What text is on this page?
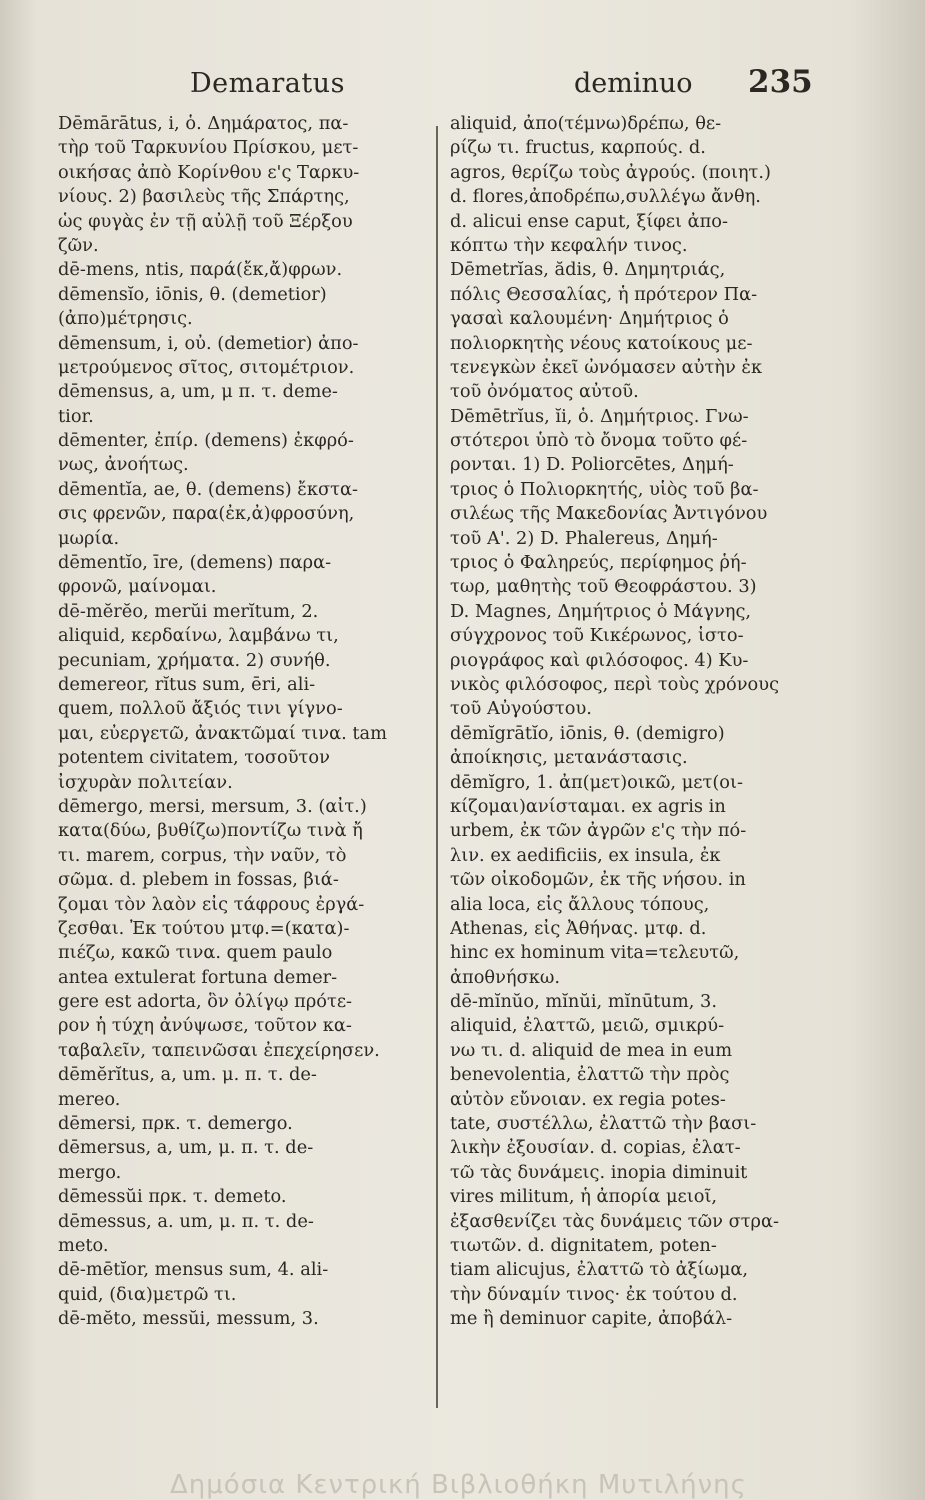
Demaratus	deminuo 235
Dēmārātus, i, ὁ. Δημάρατος, πα-
τὴρ τοῦ Ταρκυνίου Πρίσκου, μετ-
οικήσας ἀπὸ Κορίνθου ε'ς Ταρκυ-
νίους. 2) βασιλεὺς τῆς Σπάρτης,
ὡς φυγὰς ἐν τῇ αὐλῇ τοῦ Ξέρξου
ζῶν.
dē-mens, ntis, παρά(ἔκ,ἄ)φρων.
dēmensĭo, iōnis, θ. (demetior)
(ἀπο)μέτρησις.
dēmensum, i, οὐ. (demetior) ἀπο-
μετρούμενος σῖτος, σιτομέτριον.
dēmensus, a, um, μ π. τ. deme-
tior.
dēmenter, ἐπίρ. (demens) ἐκφρό-
νως, ἀνοήτως.
dēmentĭa, ae, θ. (demens) ἔκστα-
σις φρενῶν, παρα(ἐκ,ἀ)φροσύνη,
μωρία.
dēmentĭo, īre, (demens) παρα-
φρονῶ, μαίνομαι.
dē-mĕrĕo, merŭi merĭtum, 2.
aliquid, κερδαίνω, λαμβάνω τι,
pecuniam, χρήματα. 2) συνήθ.
demereor, rĭtus sum, ēri, ali-
quem, πολλοῦ ἄξιός τινι γίγνο-
μαι, εὐεργετῶ, ἀνακτῶμαί τινα. tam
potentem civitatem, τοσοῦτον
ἰσχυρὰν πολιτείαν.
dēmergo, mersi, mersum, 3. (αἰτ.)
κατα(δύω, βυθίζω)ποντίζω τινὰ ἤ
τι. marem, corpus, τὴν ναῦν, τὸ
σῶμα. d. plebem in fossas, βιά-
ζομαι τὸν λαὸν εἰς τάφρους ἐργά-
ζεσθαι. Ἐκ τούτου μτφ.=(κατα)-
πιέζω, κακῶ τινα. quem paulo
antea extulerat fortuna demer-
gere est adorta, ὃν ὀλίγῳ πρότε-
ρον ἡ τύχη ἀνύψωσε, τοῦτον κα-
ταβαλεῖν, ταπεινῶσαι ἐπεχείρησεν.
dēmĕrĭtus, a, um. μ. π. τ. de-
mereo.
dēmersi, πρκ. τ. demergo.
dēmersus, a, um, μ. π. τ. de-
mergo.
dēmessŭi πρκ. τ. demeto.
dēmessus, a. um, μ. π. τ. de-
meto.
dē-mētĭor, mensus sum, 4. ali-
quid, (δια)μετρῶ τι.
dē-mĕto, messŭi, messum, 3.
aliquid, ἀπο(τέμνω)δρέπω, θε-
ρίζω τι. fructus, καρπούς. d.
agros, θερίζω τοὺς ἀγρούς. (ποιητ.)
d. flores,ἀποδρέπω,συλλέγω ἄνθη.
d. alicui ense caput, ξίφει ἀπο-
κόπτω τὴν κεφαλήν τινος.
Dēmetrĭas, ădis, θ. Δημητριάς,
πόλις Θεσσαλίας, ἡ πρότερον Πα-
γασαὶ καλουμένη· Δημήτριος ὁ
πολιορκητὴς νέους κατοίκους με-
τενεγκὼν ἐκεῖ ὠνόμασεν αὐτὴν ἐκ
τοῦ ὀνόματος αὐτοῦ.
Dēmētrĭus, ĭi, ὁ. Δημήτριος. Γνω-
στότεροι ὑπὸ τὸ ὄνομα τοῦτο φέ-
ρονται. 1) D. Poliorcētes, Δημή-
τριος ὁ Πολιορκητής, υἱὸς τοῦ βα-
σιλέως τῆς Μακεδονίας Ἀντιγόνου
τοῦ Α'. 2) D. Phalereus, Δημή-
τριος ὁ Φαληρεύς, περίφημος ῥή-
τωρ, μαθητὴς τοῦ Θεοφράστου. 3)
D. Magnes, Δημήτριος ὁ Μάγνης,
σύγχρονος τοῦ Κικέρωνος, ἱστο-
ριογράφος καὶ φιλόσοφος. 4) Κυ-
νικὸς φιλόσοφος, περὶ τοὺς χρόνους
τοῦ Αὐγούστου.
dēmĭgrātĭo, iōnis, θ. (demigro)
ἀποίκησις, μετανάστασις.
dēmĭgro, 1. ἀπ(μετ)οικῶ, μετ(οι-
κίζομαι)ανίσταμαι. ex agris in
urbem, ἐκ τῶν ἀγρῶν ε'ς τὴν πό-
λιν. ex aedificiis, ex insula, ἐκ
τῶν οἰκοδομῶν, ἐκ τῆς νήσου. in
alia loca, εἰς ἄλλους τόπους,
Athenas, εἰς Ἀθήνας. μτφ. d.
hinc ex hominum vita=τελευτῶ,
ἀποθνήσκω.
dē-mĭnŭo, mĭnŭi, mĭnūtum, 3.
aliquid, ἐλαττῶ, μειῶ, σμικρύ-
νω τι. d. aliquid de mea in eum
benevolentia, ἐλαττῶ τὴν πρὸς
αὐτὸν εὔνοιαν. ex regia potes-
tate, συστέλλω, ἐλαττῶ τὴν βασι-
λικὴν ἐξουσίαν. d. copias, ἐλατ-
τῶ τὰς δυνάμεις. inopia diminuit
vires militum, ἡ ἀπορία μειοῖ,
ἐξασθενίζει τὰς δυνάμεις τῶν στρα-
τιωτῶν. d. dignitatem, poten-
tiam alicujus, ἐλαττῶ τὸ ἀξίωμα,
τὴν δύναμίν τινος· ἐκ τούτου d.
me ἢ deminuor capite, ἀποβάλ-
Δημόσια Κεντρική Βιβλιοθήκη Μυτιλήνης
